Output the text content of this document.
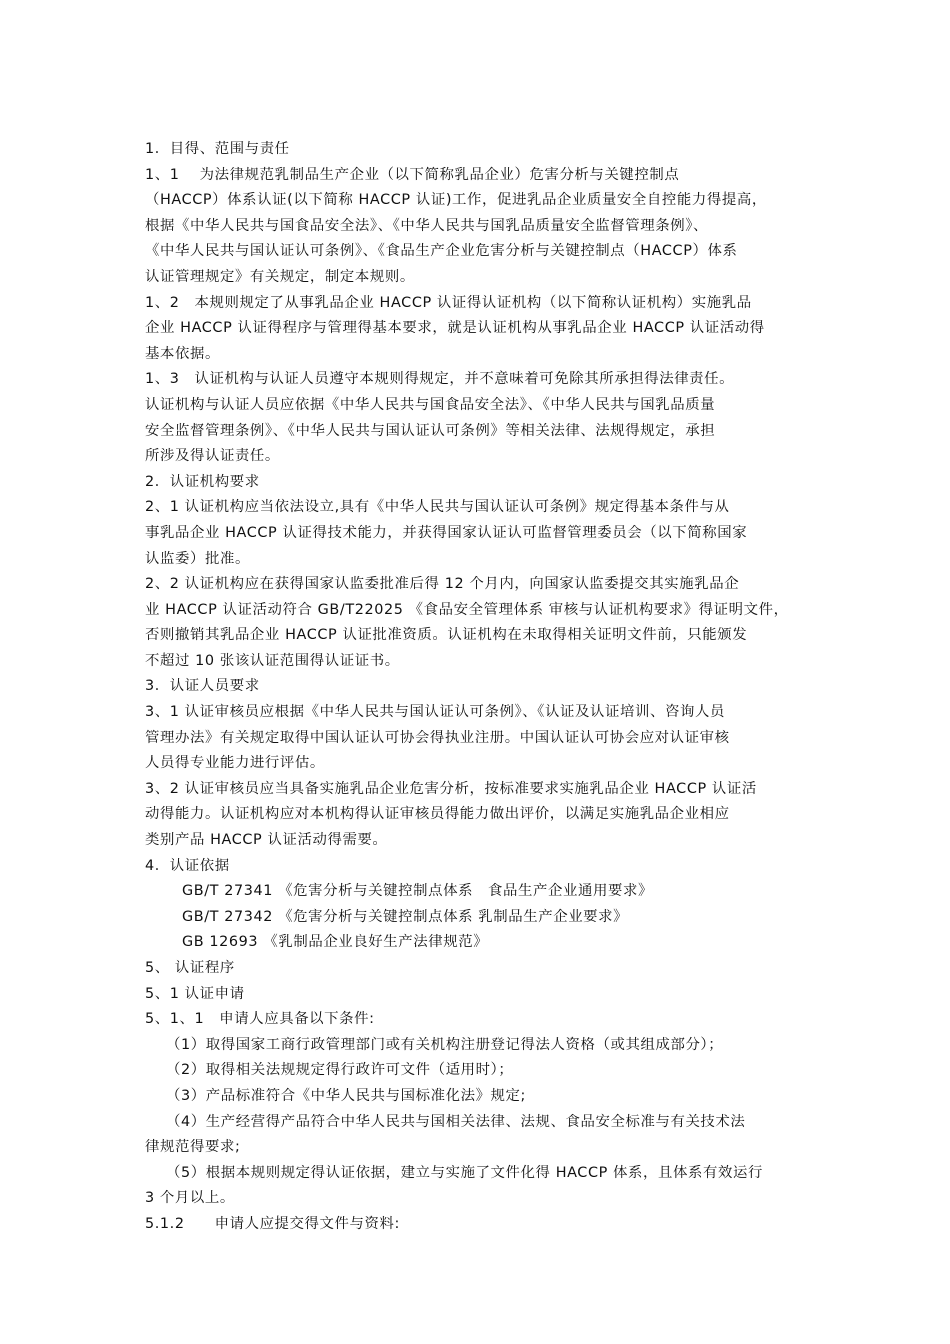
1．目得、范围与责任
1、1　 为法律规范乳制品生产企业（以下简称乳品企业）危害分析与关键控制点
（HACCP）体系认证(以下简称 HACCP 认证)工作，促进乳品企业质量安全自控能力得提高，
根据《中华人民共与国食品安全法》、《中华人民共与国乳品质量安全监督管理条例》、
《中华人民共与国认证认可条例》、《食品生产企业危害分析与关键控制点（HACCP）体系
认证管理规定》有关规定，制定本规则。
1、2　本规则规定了从事乳品企业 HACCP 认证得认证机构（以下简称认证机构）实施乳品
企业 HACCP 认证得程序与管理得基本要求，就是认证机构从事乳品企业 HACCP 认证活动得
基本依据。
1、3　认证机构与认证人员遵守本规则得规定，并不意味着可免除其所承担得法律责任。
认证机构与认证人员应依据《中华人民共与国食品安全法》、《中华人民共与国乳品质量
安全监督管理条例》、《中华人民共与国认证认可条例》等相关法律、法规得规定，承担
所涉及得认证责任。
2．认证机构要求
2、1 认证机构应当依法设立,具有《中华人民共与国认证认可条例》规定得基本条件与从
事乳品企业 HACCP 认证得技术能力，并获得国家认证认可监督管理委员会（以下简称国家
认监委）批准。
2、2 认证机构应在获得国家认监委批准后得 12 个月内，向国家认监委提交其实施乳品企
业 HACCP 认证活动符合 GB/T22025 《食品安全管理体系 审核与认证机构要求》得证明文件，
否则撤销其乳品企业 HACCP 认证批准资质。认证机构在未取得相关证明文件前，只能颁发
不超过 10 张该认证范围得认证证书。
3．认证人员要求
3、1 认证审核员应根据《中华人民共与国认证认可条例》、《认证及认证培训、咨询人员
管理办法》有关规定取得中国认证认可协会得执业注册。中国认证认可协会应对认证审核
人员得专业能力进行评估。
3、2 认证审核员应当具备实施乳品企业危害分析，按标准要求实施乳品企业 HACCP 认证活
动得能力。认证机构应对本机构得认证审核员得能力做出评价，以满足实施乳品企业相应
类别产品 HACCP 认证活动得需要。
4．认证依据
GB/T 27341 《危害分析与关键控制点体系　食品生产企业通用要求》
GB/T 27342 《危害分析与关键控制点体系 乳制品生产企业要求》
GB 12693 《乳制品企业良好生产法律规范》
5、 认证程序
5、1 认证申请
5、1、1　申请人应具备以下条件:
（1）取得国家工商行政管理部门或有关机构注册登记得法人资格（或其组成部分）；
（2）取得相关法规规定得行政许可文件（适用时）；
（3）产品标准符合《中华人民共与国标准化法》规定;
（4）生产经营得产品符合中华人民共与国相关法律、法规、食品安全标准与有关技术法
律规范得要求;
（5）根据本规则规定得认证依据，建立与实施了文件化得 HACCP 体系，且体系有效运行
3 个月以上。
5.1.2　　申请人应提交得文件与资料:
